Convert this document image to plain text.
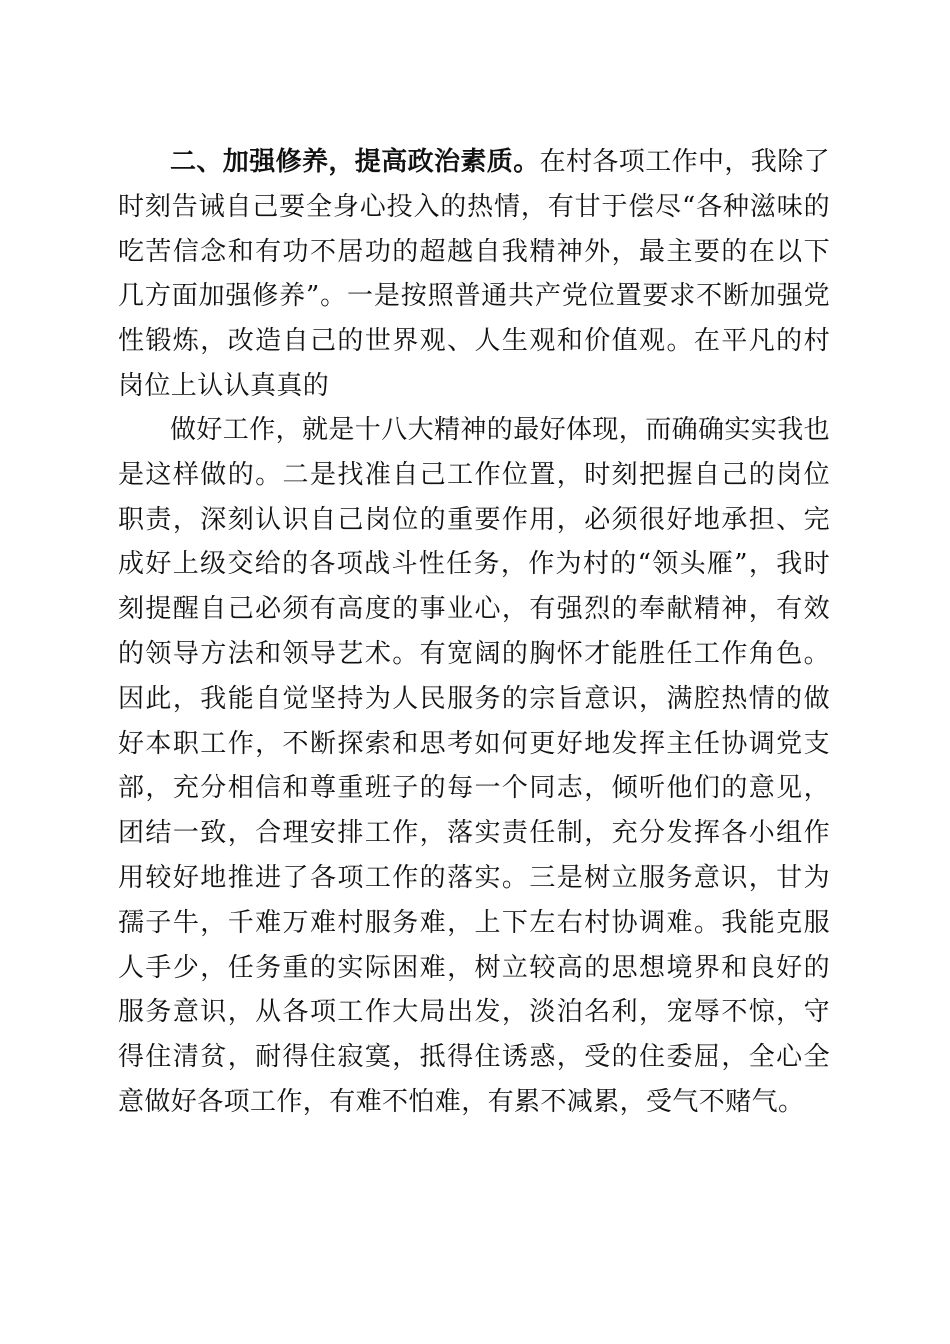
二、加强修养，提高政治素质。在村各项工作中，我除了时刻告诫自己要全身心投入的热情，有甘于偿尽“各种滋味的吃苦信念和有功不居功的超越自我精神外，最主要的在以下几方面加强修养”。一是按照普通共产党位置要求不断加强党性锻炼，改造自己的世界观、人生观和价值观。在平凡的村岗位上认认真真的

做好工作，就是十八大精神的最好体现，而确确实实我也是这样做的。二是找准自己工作位置，时刻把握自己的岗位职责，深刻认识自己岗位的重要作用，必须很好地承担、完成好上级交给的各项战斗性任务，作为村的“领头雁”，我时刻提醒自己必须有高度的事业心，有强烈的奉献精神，有效的领导方法和领导艺术。有宽阔的胸怀才能胜任工作角色。因此，我能自觉坚持为人民服务的宗旨意识，满腔热情的做好本职工作，不断探索和思考如何更好地发挥主任协调党支部，充分相信和尊重班子的每一个同志，倾听他们的意见，团结一致，合理安排工作，落实责任制，充分发挥各小组作用较好地推进了各项工作的落实。三是树立服务意识，甘为孺子牛，千难万难村服务难，上下左右村协调难。我能克服人手少，任务重的实际困难，树立较高的思想境界和良好的服务意识，从各项工作大局出发，淡泊名利，宠辱不惊，守得住清贫，耐得住寂寞，抵得住诱惑，受的住委屈，全心全意做好各项工作，有难不怕难，有累不减累，受气不赌气。
